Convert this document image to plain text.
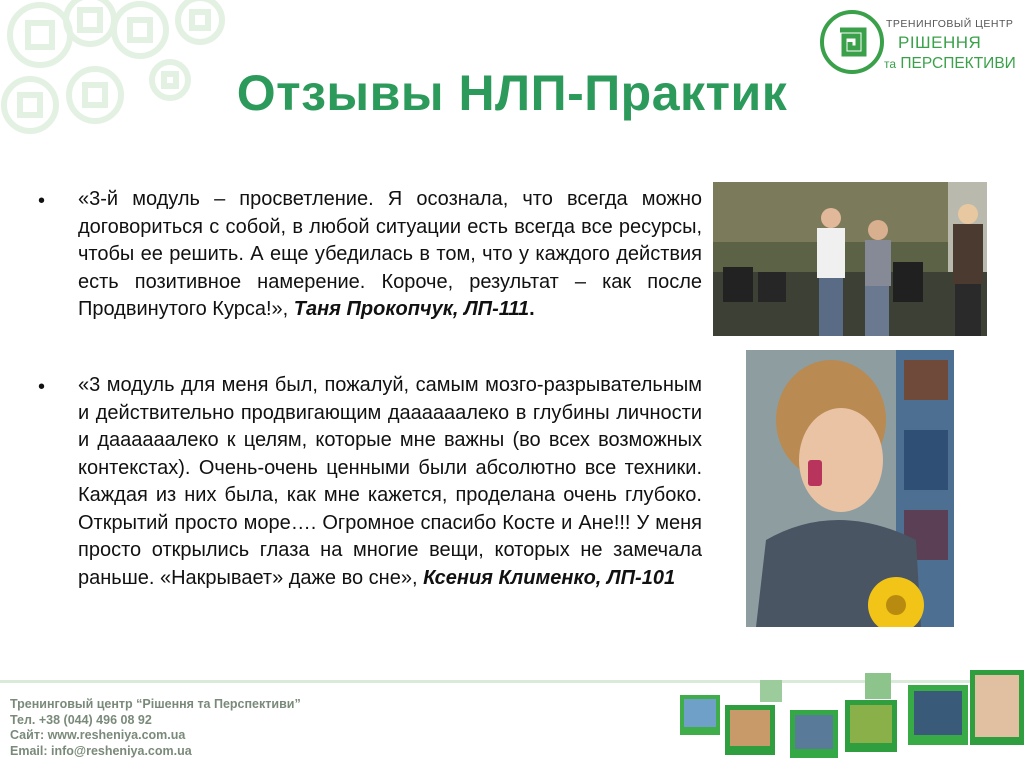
ТРЕНИНГОВЫЙ ЦЕНТР
РІШЕННЯ
та ПЕРСПЕКТИВИ
Отзывы НЛП-Практик
• «3-й модуль – просветление. Я осознала, что всегда можно договориться с собой, в любой ситуации есть всегда все ресурсы, чтобы ее решить. А еще убедилась в том, что у каждого действия есть позитивное намерение. Короче, результат – как после Продвинутого Курса!», Таня Прокопчук, ЛП-111.
• «3 модуль для меня был, пожалуй, самым мозго-разрывательным и действительно продвигающим даааааалеко в глубины личности и даааааалеко к целям, которые мне важны (во всех возможных контекстах). Очень-очень ценными были абсолютно все техники. Каждая из них была, как мне кажется, проделана очень глубоко. Открытий просто море…. Огромное спасибо Косте и Ане!!! У меня просто открылись глаза на многие вещи, которых не замечала раньше. «Накрывает» даже во сне», Ксения Клименко, ЛП-101
Тренинговый центр “Рішення та Перспективи”
Тел. +38 (044) 496 08 92
Сайт: www.resheniya.com.ua
Email: info@resheniya.com.ua
